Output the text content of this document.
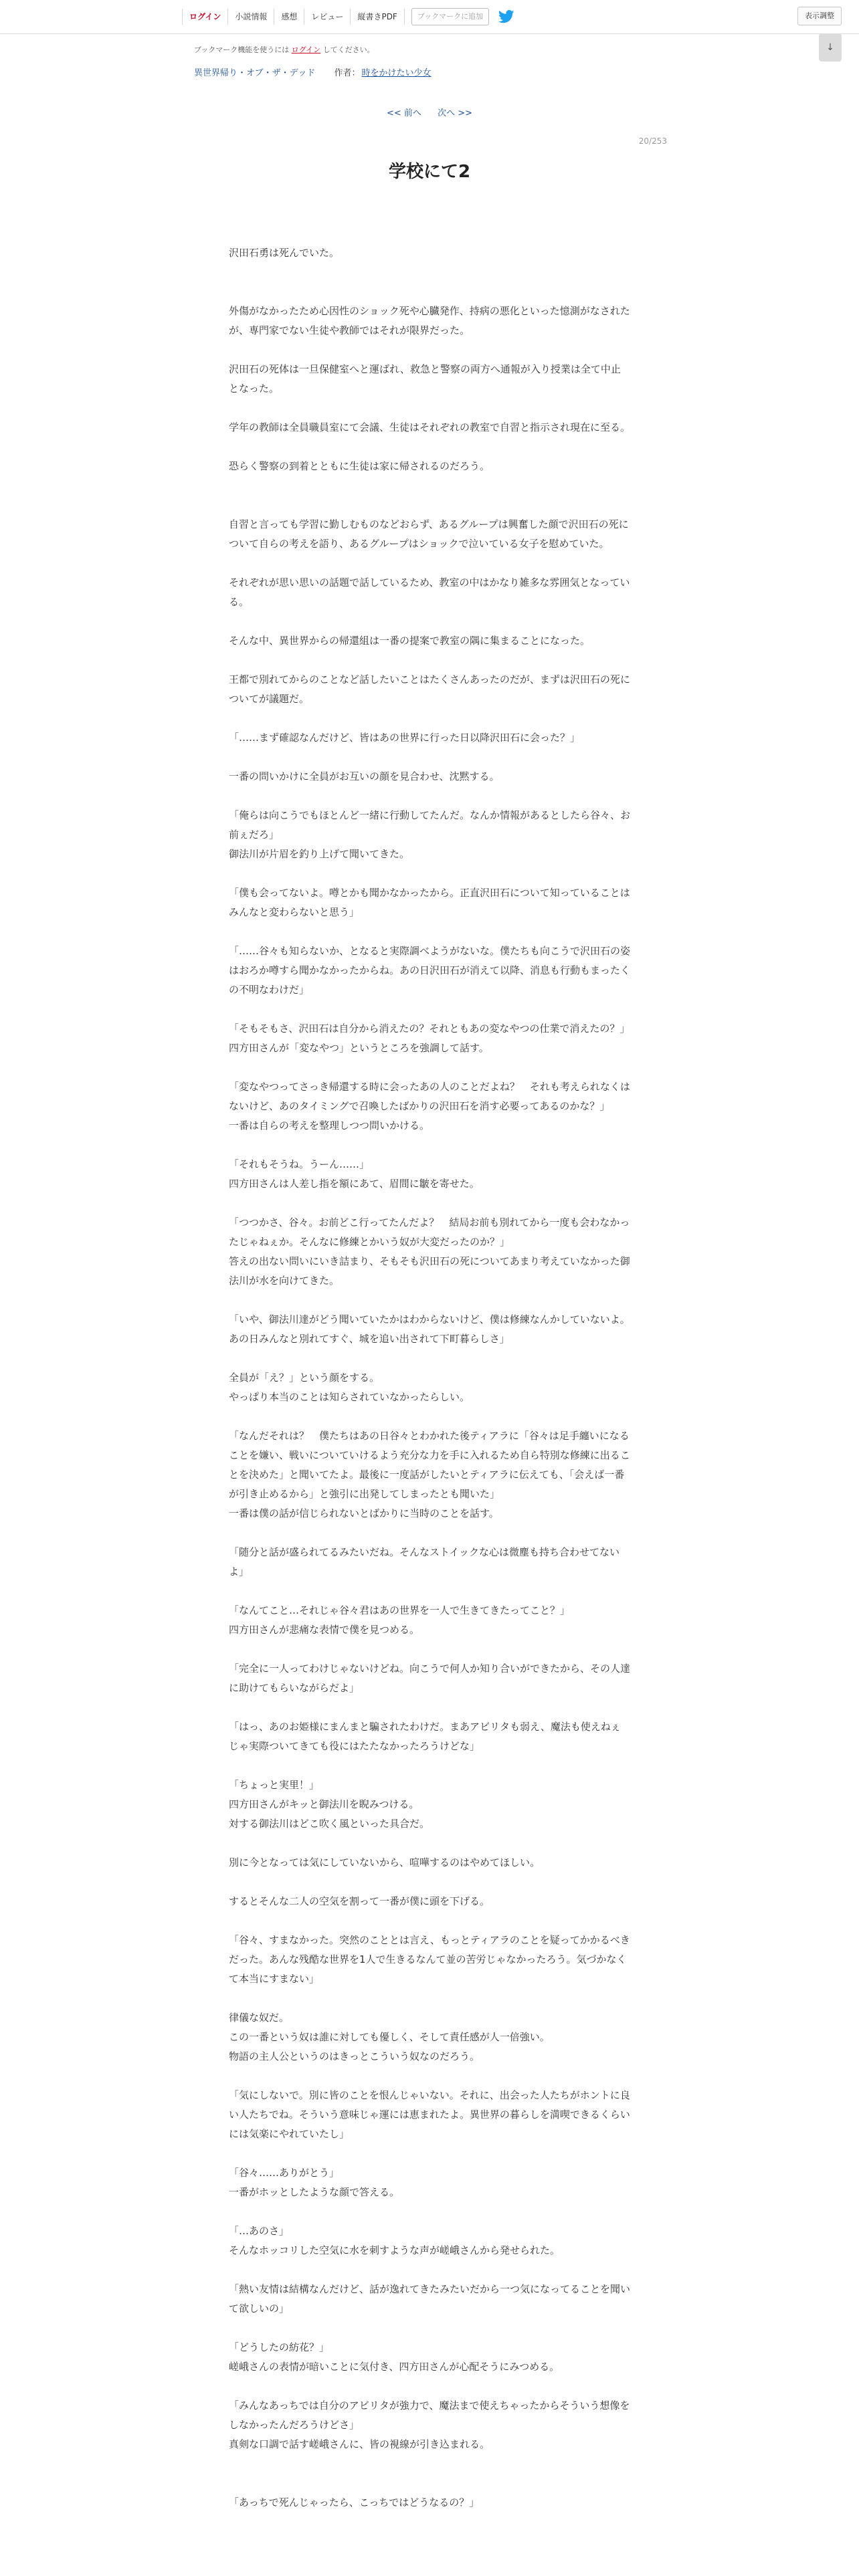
ログイン	小説情報	感想	レビュー	縦書きPDF	ブックマークに追加	表示調整
↓
ブックマーク機能を使うには ログイン してください。
異世界帰り・オブ・ザ・デッド 作者： 時をかけたい少女
<< 前へ 次へ >>
20/253
学校にて2
沢田石勇は死んでいた。
外傷がなかったため心因性のショック死や心臓発作、持病の悪化といった憶測がなされたが、専門家でない生徒や教師ではそれが限界だった。
沢田石の死体は一旦保健室へと運ばれ、救急と警察の両方へ通報が入り授業は全て中止となった。
学年の教師は全員職員室にて会議、生徒はそれぞれの教室で自習と指示され現在に至る。
恐らく警察の到着とともに生徒は家に帰されるのだろう。
自習と言っても学習に勤しむものなどおらず、あるグループは興奮した顔で沢田石の死について自らの考えを語り、あるグループはショックで泣いている女子を慰めていた。
それぞれが思い思いの話題で話しているため、教室の中はかなり雑多な雰囲気となっている。
そんな中、異世界からの帰還組は一番の提案で教室の隅に集まることになった。
王都で別れてからのことなど話したいことはたくさんあったのだが、まずは沢田石の死についてが議題だ。
「……まず確認なんだけど、皆はあの世界に行った日以降沢田石に会った？」
一番の問いかけに全員がお互いの顔を見合わせ、沈黙する。
「俺らは向こうでもほとんど一緒に行動してたんだ。なんか情報があるとしたら谷々、お前ぇだろ」
御法川が片眉を釣り上げて聞いてきた。
「僕も会ってないよ。噂とかも聞かなかったから。正直沢田石について知っていることはみんなと変わらないと思う」
「……谷々も知らないか、となると実際調べようがないな。僕たちも向こうで沢田石の姿はおろか噂すら聞かなかったからね。あの日沢田石が消えて以降、消息も行動もまったくの不明なわけだ」
「そもそもさ、沢田石は自分から消えたの？それともあの変なやつの仕業で消えたの？」
四方田さんが「変なやつ」というところを強調して話す。
「変なやつってさっき帰還する時に会ったあの人のことだよね？　それも考えられなくはないけど、あのタイミングで召喚したばかりの沢田石を消す必要ってあるのかな？」
一番は自らの考えを整理しつつ問いかける。
「それもそうね。うーん……」
四方田さんは人差し指を額にあて、眉間に皺を寄せた。
「つつかさ、谷々。お前どこ行ってたんだよ？　結局お前も別れてから一度も会わなかったじゃねぇか。そんなに修練とかいう奴が大変だったのか？」
答えの出ない問いにいき詰まり、そもそも沢田石の死についてあまり考えていなかった御法川が水を向けてきた。
「いや、御法川達がどう聞いていたかはわからないけど、僕は修練なんかしていないよ。あの日みんなと別れてすぐ、城を追い出されて下町暮らしさ」
全員が「え？」という顔をする。
やっぱり本当のことは知らされていなかったらしい。
「なんだそれは？　僕たちはあの日谷々とわかれた後ティアラに「谷々は足手纏いになることを嫌い、戦いについていけるよう充分な力を手に入れるため自ら特別な修練に出ることを決めた」と聞いてたよ。最後に一度話がしたいとティアラに伝えても、「会えば一番が引き止めるから」と強引に出発してしまったとも聞いた」
一番は僕の話が信じられないとばかりに当時のことを話す。
「随分と話が盛られてるみたいだね。そんなストイックな心は微塵も持ち合わせてないよ」
「なんてこと…それじゃ谷々君はあの世界を一人で生きてきたってこと？」
四方田さんが悲痛な表情で僕を見つめる。
「完全に一人ってわけじゃないけどね。向こうで何人か知り合いができたから、その人達に助けてもらいながらだよ」
「はっ、あのお姫様にまんまと騙されたわけだ。まあアビリタも弱え、魔法も使えねぇじゃ実際ついてきても役にはたたなかったろうけどな」
「ちょっと実里！」
四方田さんがキッと御法川を睨みつける。
対する御法川はどこ吹く風といった具合だ。
別に今となっては気にしていないから、喧嘩するのはやめてほしい。
するとそんな二人の空気を割って一番が僕に頭を下げる。
「谷々、すまなかった。突然のこととは言え、もっとティアラのことを疑ってかかるべきだった。あんな残酷な世界を1人で生きるなんて並の苦労じゃなかったろう。気づかなくて本当にすまない」
律儀な奴だ。
この一番という奴は誰に対しても優しく、そして責任感が人一倍強い。
物語の主人公というのはきっとこういう奴なのだろう。
「気にしないで。別に皆のことを恨んじゃいない。それに、出会った人たちがホントに良い人たちでね。そういう意味じゃ運には恵まれたよ。異世界の暮らしを満喫できるくらいには気楽にやれていたし」
「谷々……ありがとう」
一番がホッとしたような顔で答える。
「…あのさ」
そんなホッコリした空気に水を刺すような声が嵯峨さんから発せられた。
「熱い友情は結構なんだけど、話が逸れてきたみたいだから一つ気になってることを聞いて欲しいの」
「どうしたの紡花？」
嵯峨さんの表情が暗いことに気付き、四方田さんが心配そうにみつめる。
「みんなあっちでは自分のアビリタが強力で、魔法まで使えちゃったからそういう想像をしなかったんだろうけどさ」
真剣な口調で話す嵯峨さんに、皆の視線が引き込まれる。
「あっちで死んじゃったら、こっちではどうなるの？」
